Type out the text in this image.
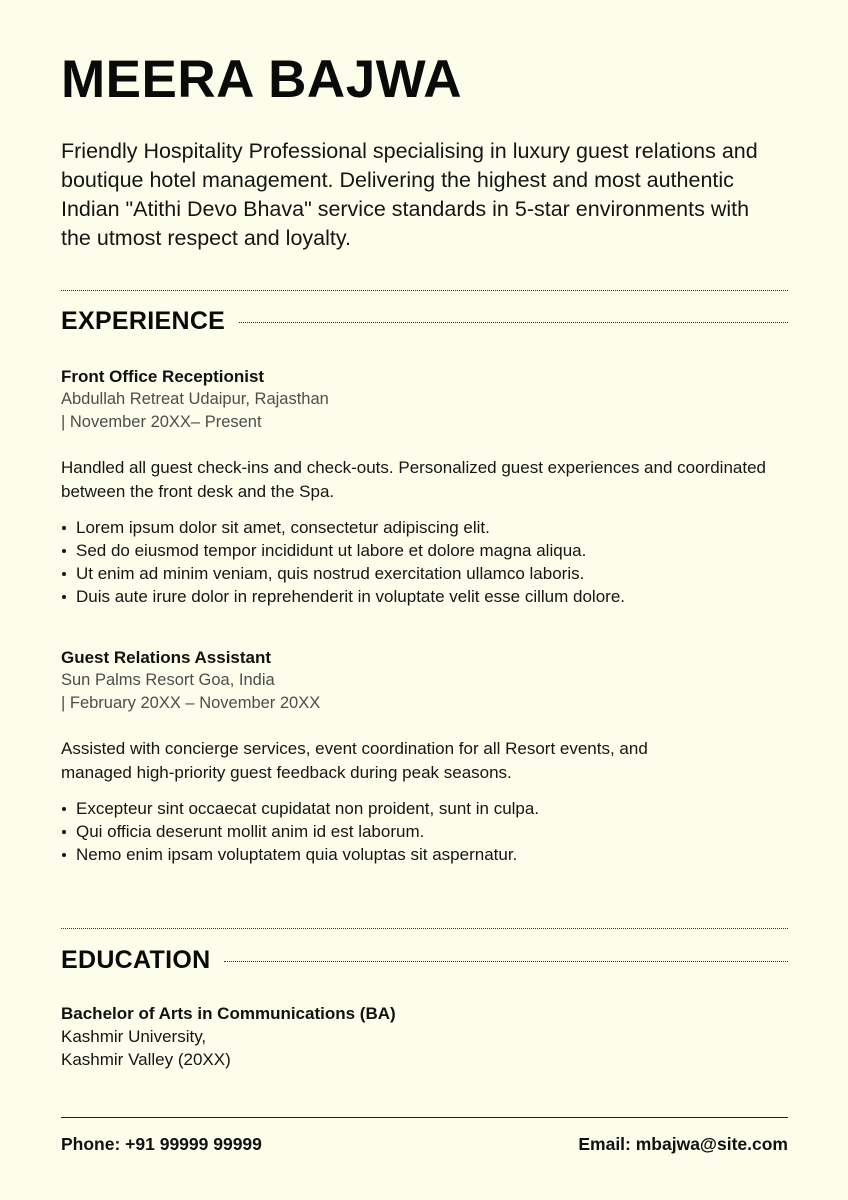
MEERA BAJWA

Friendly Hospitality Professional specialising in luxury guest relations and boutique hotel management. Delivering the highest and most authentic Indian "Atithi Devo Bhava" service standards in 5-star environments with the utmost respect and loyalty.

EXPERIENCE
Front Office Receptionist
Abdullah Retreat Udaipur, Rajasthan
| November 20XX– Present

Handled all guest check-ins and check-outs. Personalized guest experiences and coordinated between the front desk and the Spa.

Lorem ipsum dolor sit amet, consectetur adipiscing elit.
Sed do eiusmod tempor incididunt ut labore et dolore magna aliqua.
Ut enim ad minim veniam, quis nostrud exercitation ullamco laboris.
Duis aute irure dolor in reprehenderit in voluptate velit esse cillum dolore.
Guest Relations Assistant
Sun Palms Resort Goa, India
| February 20XX – November 20XX

Assisted with concierge services, event coordination for all Resort events, and managed high-priority guest feedback during peak seasons.

Excepteur sint occaecat cupidatat non proident, sunt in culpa.
Qui officia deserunt mollit anim id est laborum.
Nemo enim ipsam voluptatem quia voluptas sit aspernatur.
EDUCATION
Bachelor of Arts in Communications (BA)
Kashmir University,
Kashmir Valley (20XX)
Phone: +91 99999 99999	Email: mbajwa@site.com
